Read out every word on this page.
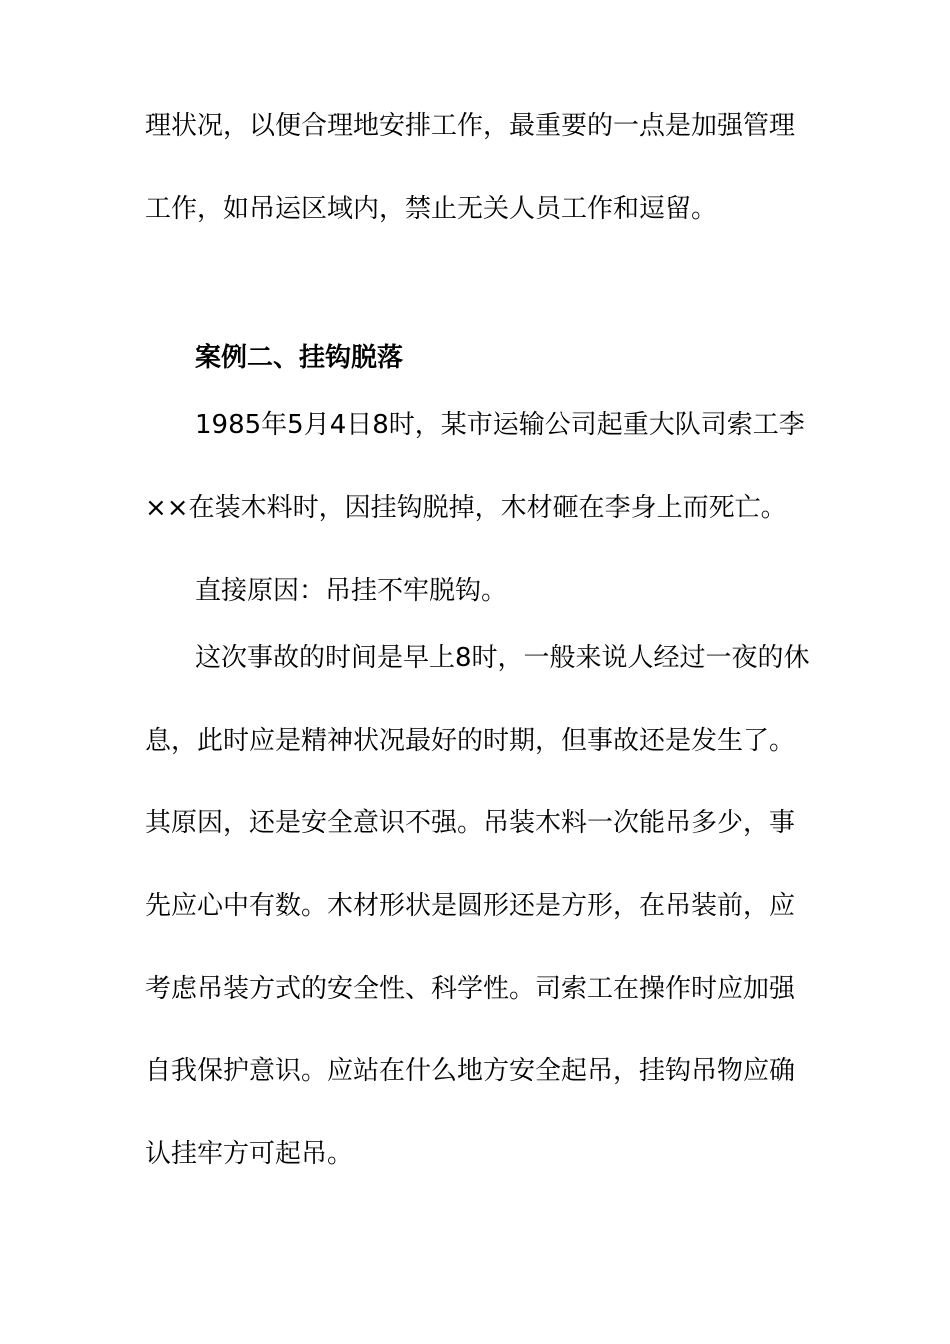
理状况，以便合理地安排工作，最重要的一点是加强管理
工作，如吊运区域内，禁止无关人员工作和逗留。
案例二、挂钩脱落
1985年5月4日8时，某市运输公司起重大队司索工李
××在装木料时，因挂钩脱掉，木材砸在李身上而死亡。
直接原因：吊挂不牢脱钩。
这次事故的时间是早上8时，一般来说人经过一夜的休
息，此时应是精神状况最好的时期，但事故还是发生了。
其原因，还是安全意识不强。吊装木料一次能吊多少，事
先应心中有数。木材形状是圆形还是方形，在吊装前，应
考虑吊装方式的安全性、科学性。司索工在操作时应加强
自我保护意识。应站在什么地方安全起吊，挂钩吊物应确
认挂牢方可起吊。
